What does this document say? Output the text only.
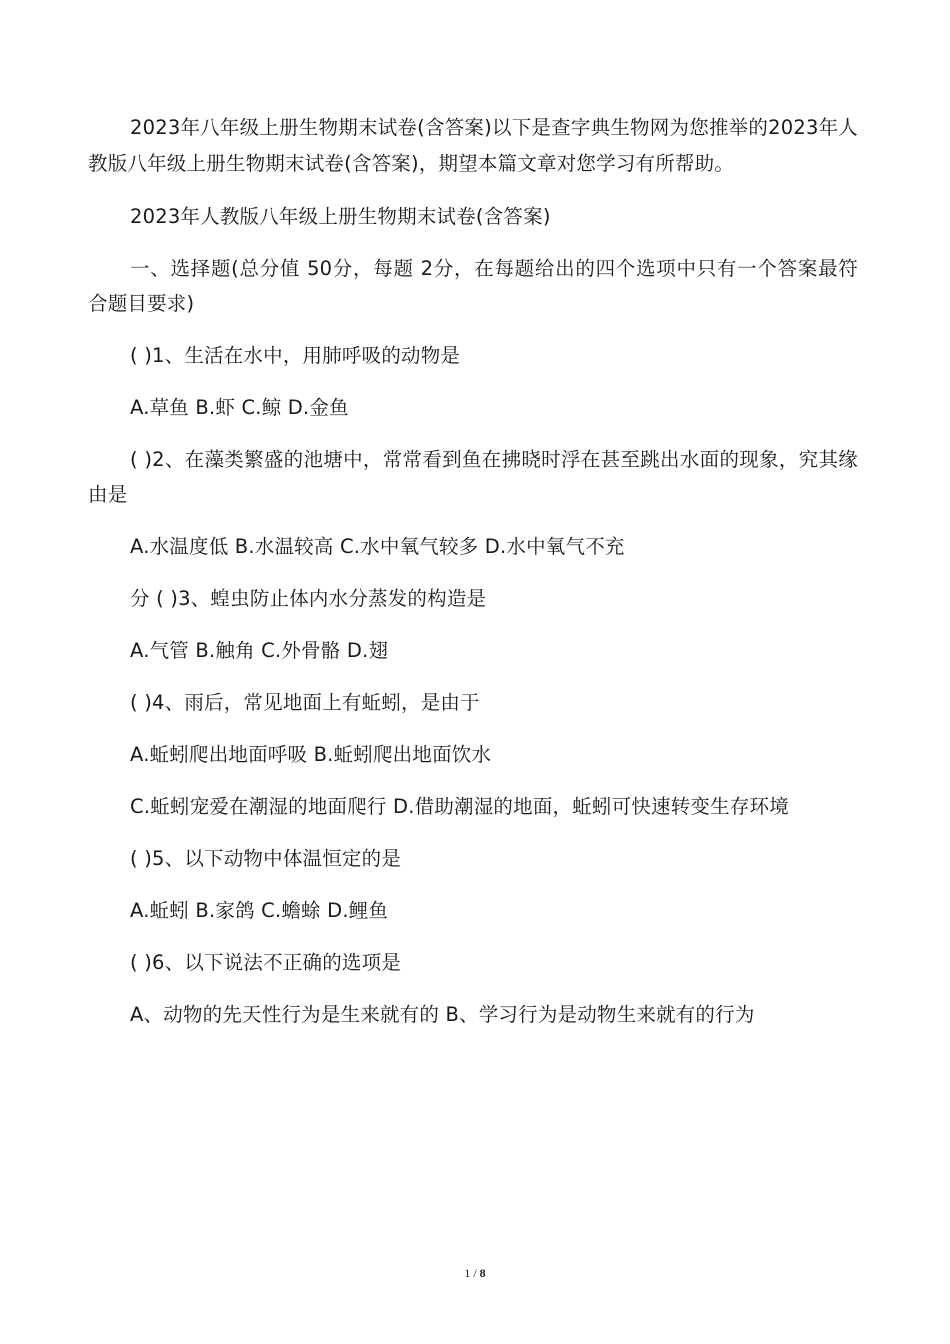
2023年八年级上册生物期末试卷(含答案)以下是查字典生物网为您推举的2023年人教版八年级上册生物期末试卷(含答案)，期望本篇文章对您学习有所帮助。

2023年人教版八年级上册生物期末试卷(含答案)

一、选择题(总分值 50分，每题 2分，在每题给出的四个选项中只有一个答案最符合题目要求)

( )1、生活在水中，用肺呼吸的动物是

A.草鱼 B.虾 C.鲸 D.金鱼

( )2、在藻类繁盛的池塘中，常常看到鱼在拂晓时浮在甚至跳出水面的现象，究其缘由是

A.水温度低 B.水温较高 C.水中氧气较多 D.水中氧气不充

分 ( )3、蝗虫防止体内水分蒸发的构造是

A.气管 B.触角 C.外骨骼 D.翅

( )4、雨后，常见地面上有蚯蚓，是由于

A.蚯蚓爬出地面呼吸 B.蚯蚓爬出地面饮水

C.蚯蚓宠爱在潮湿的地面爬行 D.借助潮湿的地面，蚯蚓可快速转变生存环境

( )5、以下动物中体温恒定的是

A.蚯蚓 B.家鸽 C.蟾蜍 D.鲤鱼

( )6、以下说法不正确的选项是

A、动物的先天性行为是生来就有的 B、学习行为是动物生来就有的行为

1 / 8
